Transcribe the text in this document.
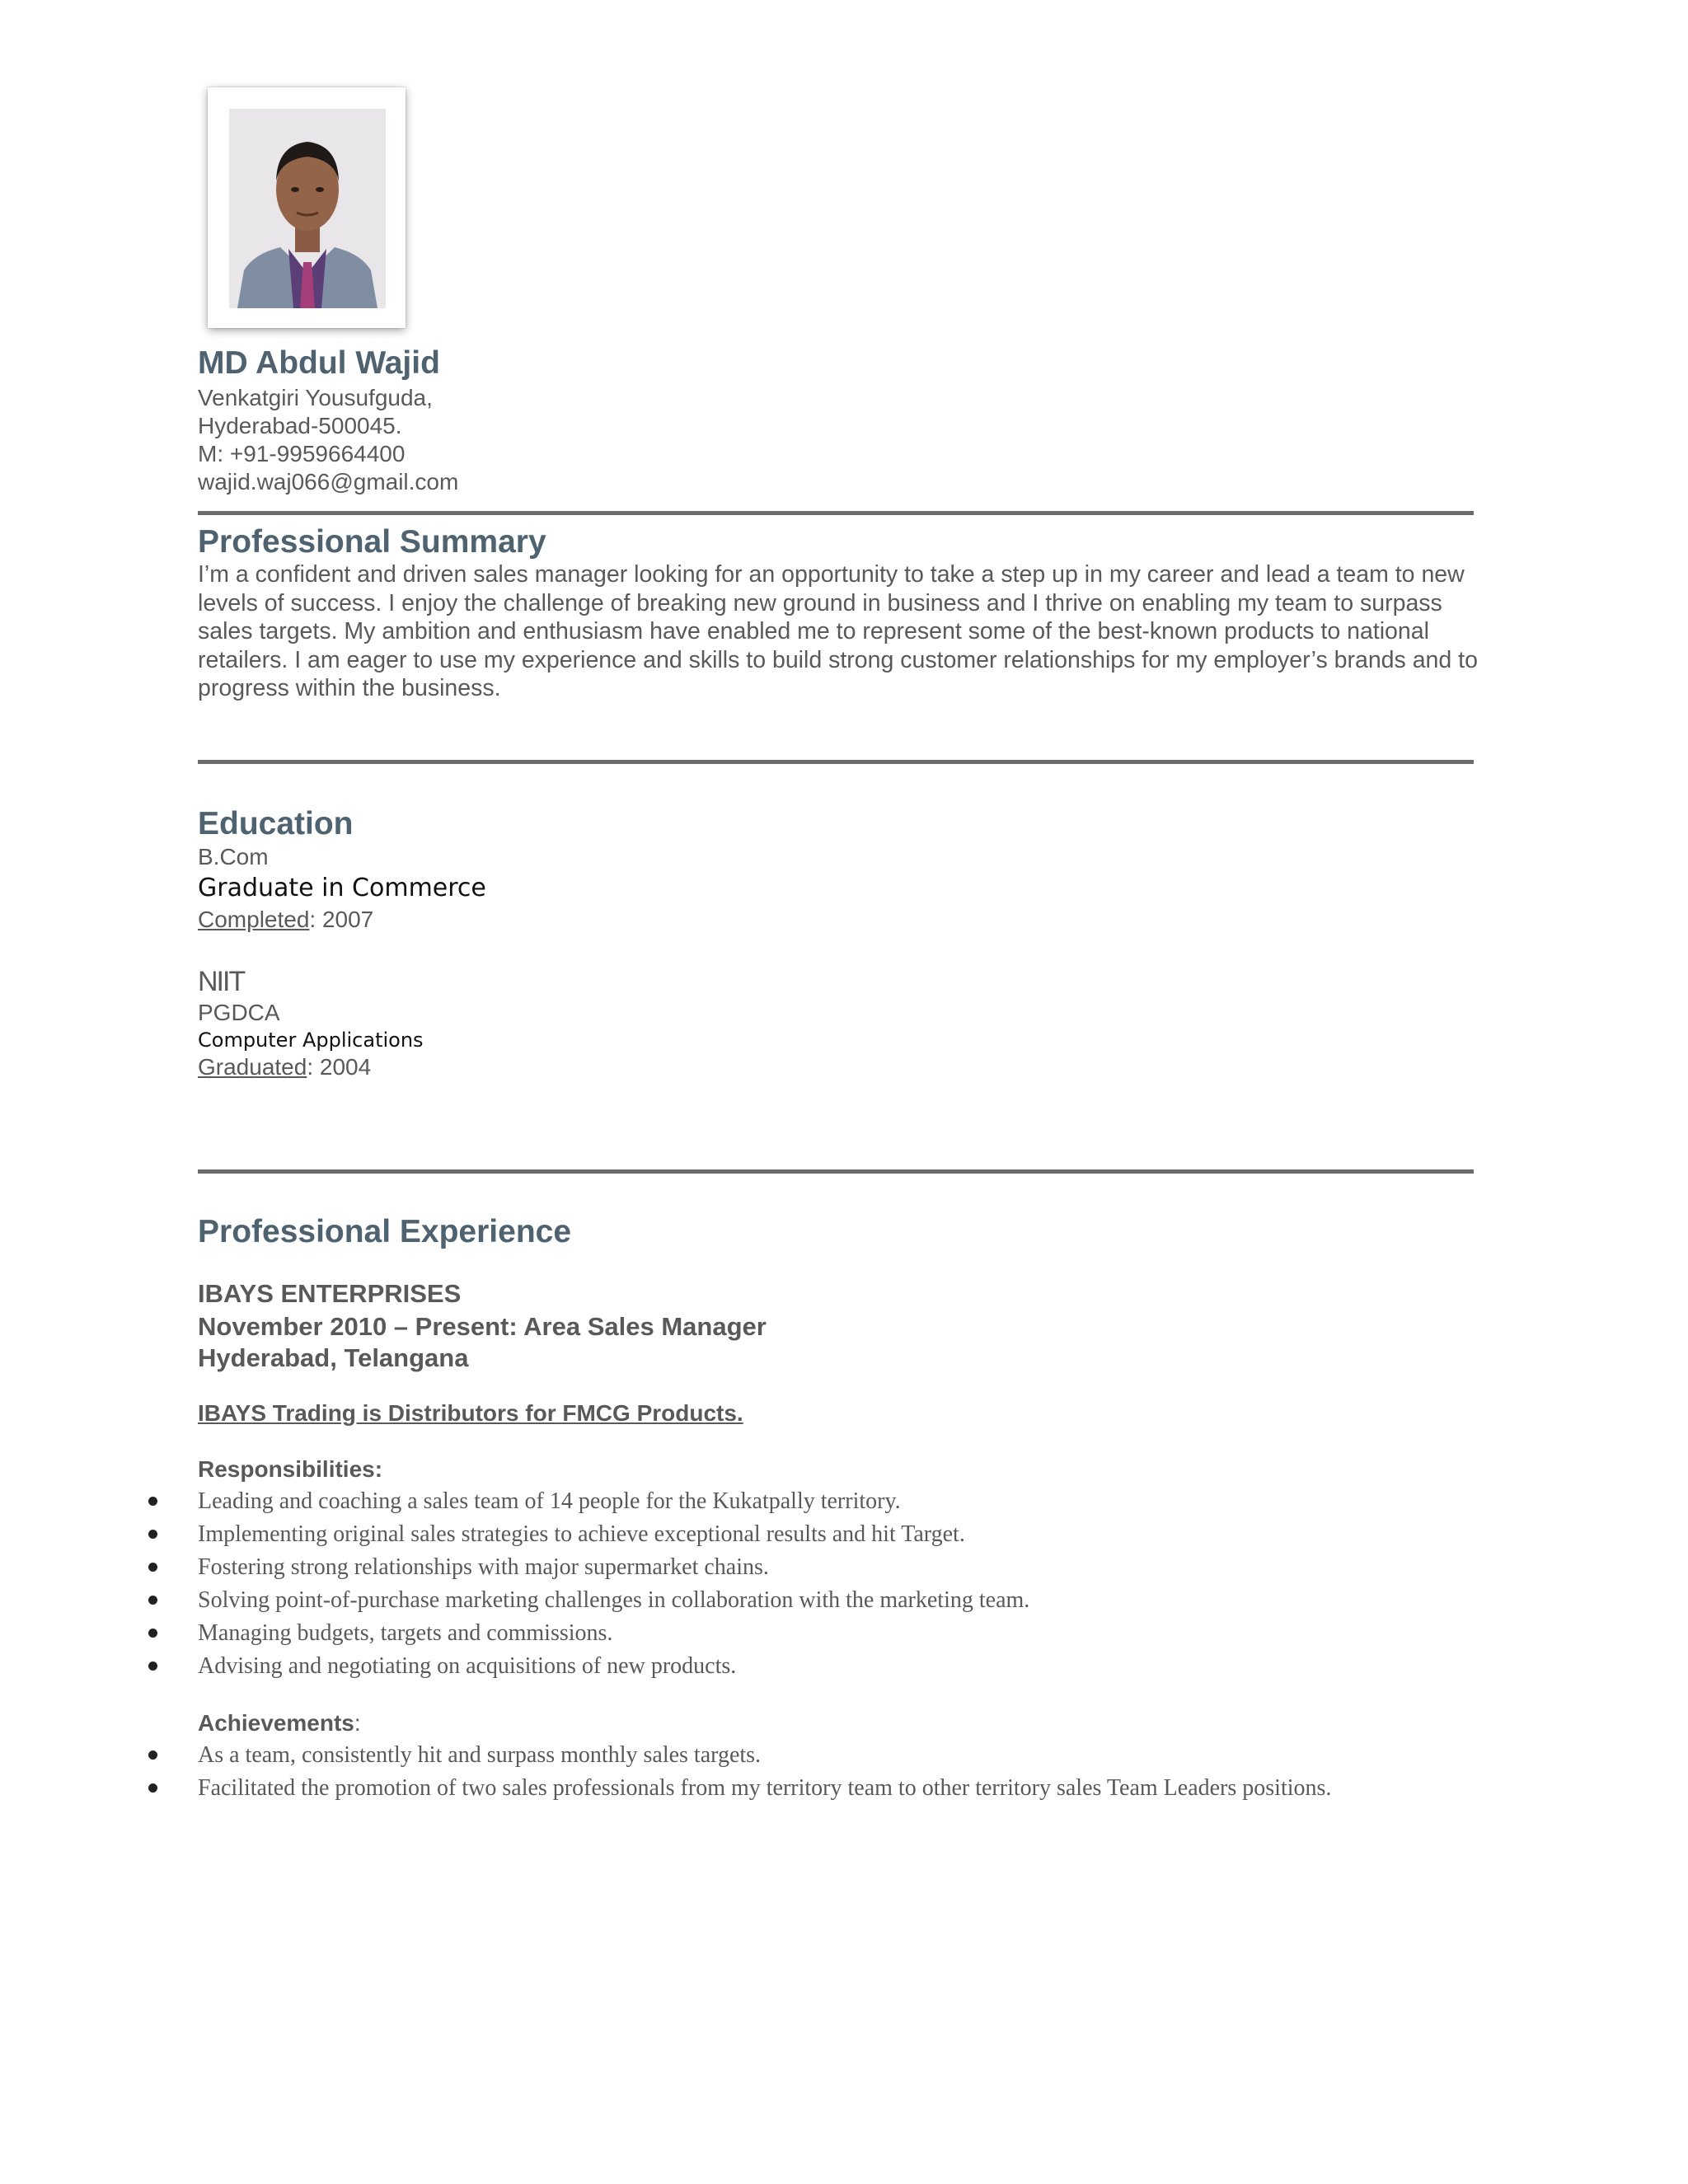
MD Abdul Wajid
Venkatgiri Yousufguda,
Hyderabad-500045.
M: +91-9959664400
wajid.waj066@gmail.com
Professional Summary

I’m a confident and driven sales manager looking for an opportunity to take a step up in my career and lead a team to new levels of success. I enjoy the challenge of breaking new ground in business and I thrive on enabling my team to surpass sales targets. My ambition and enthusiasm have enabled me to represent some of the best-known products to national retailers. I am eager to use my experience and skills to build strong customer relationships for my employer’s brands and to progress within the business.

Education
B.Com
Graduate in Commerce
Completed: 2007
NIIT
PGDCA
Computer Applications
Graduated: 2004
Professional Experience
IBAYS ENTERPRISES
November 2010 – Present: Area Sales Manager
Hyderabad, Telangana
IBAYS Trading is Distributors for FMCG Products.
Responsibilities:
Leading and coaching a sales team of 14 people for the Kukatpally territory.
Implementing original sales strategies to achieve exceptional results and hit Target.
Fostering strong relationships with major supermarket chains.
Solving point-of-purchase marketing challenges in collaboration with the marketing team.
Managing budgets, targets and commissions.
Advising and negotiating on acquisitions of new products.
Achievements:
As a team, consistently hit and surpass monthly sales targets.
Facilitated the promotion of two sales professionals from my territory team to other territory sales Team Leaders positions.
